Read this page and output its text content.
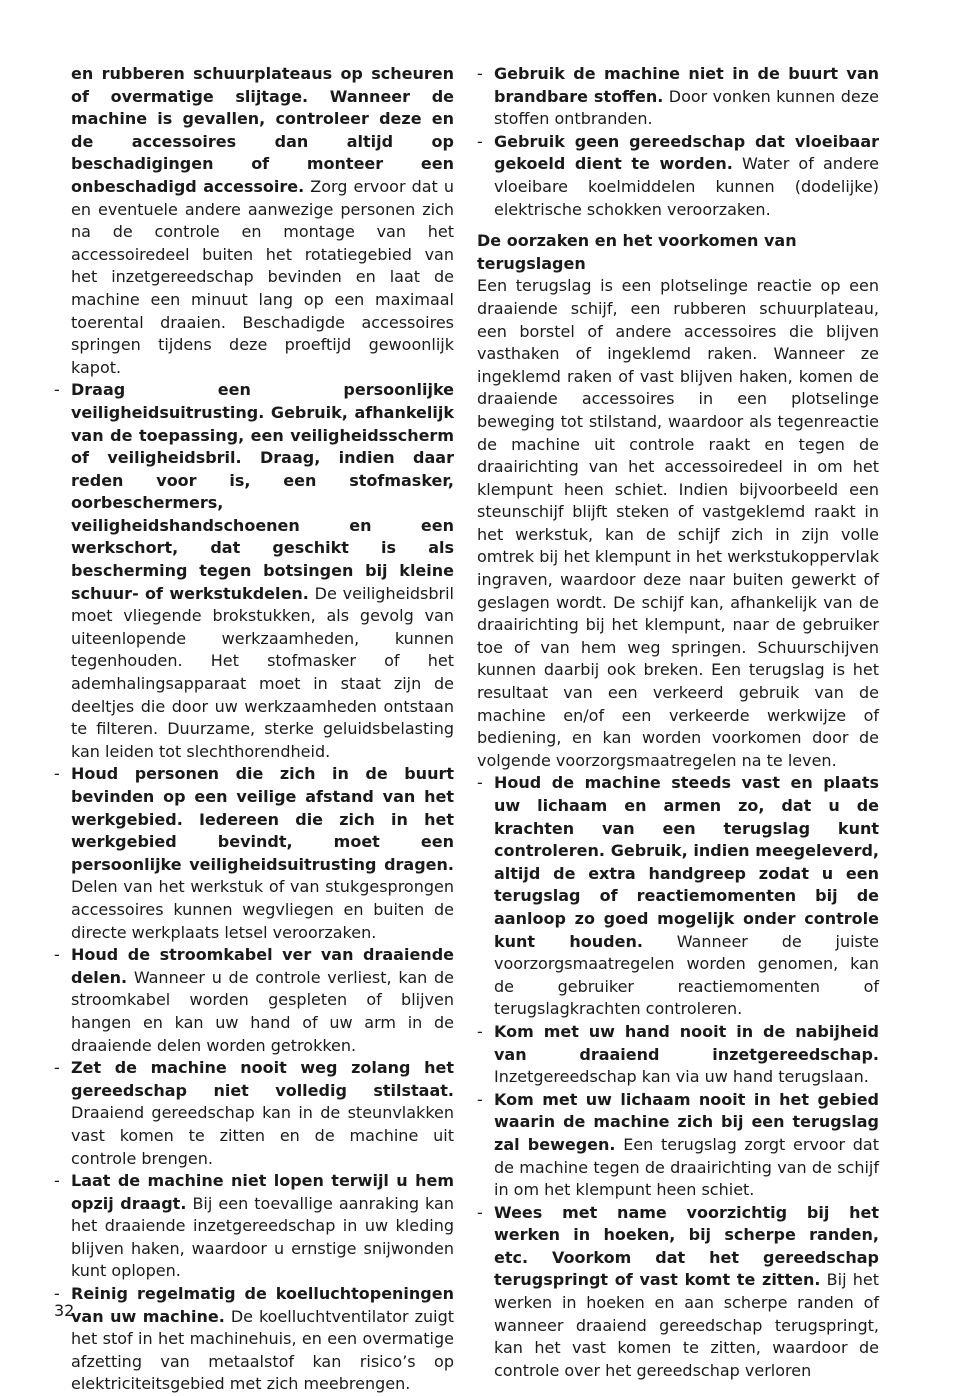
en rubberen schuurplateaus op scheuren of overmatige slijtage. Wanneer de machine is gevallen, controleer deze en de accessoires dan altijd op beschadigingen of monteer een onbeschadigd accessoire. Zorg ervoor dat u en eventuele andere aanwezige personen zich na de controle en montage van het accessoiredeel buiten het rotatiegebied van het inzetgereedschap bevinden en laat de machine een minuut lang op een maximaal toerental draaien. Beschadigde accessoires springen tijdens deze proeftijd gewoonlijk kapot.

- Draag een persoonlijke veiligheidsuitrusting. Gebruik, afhankelijk van de toepassing, een veiligheidsscherm of veiligheidsbril. Draag, indien daar reden voor is, een stofmasker, oorbeschermers, veiligheidshandschoenen en een werkschort, dat geschikt is als bescherming tegen botsingen bij kleine schuur- of werkstukdelen. De veiligheidsbril moet vliegende brokstukken, als gevolg van uiteenlopende werkzaamheden, kunnen tegenhouden. Het stofmasker of het ademhalingsapparaat moet in staat zijn de deeltjes die door uw werkzaamheden ontstaan te filteren. Duurzame, sterke geluidsbelasting kan leiden tot slechthorendheid.

- Houd personen die zich in de buurt bevinden op een veilige afstand van het werkgebied. Iedereen die zich in het werkgebied bevindt, moet een persoonlijke veiligheidsuitrusting dragen. Delen van het werkstuk of van stukgesprongen accessoires kunnen wegvliegen en buiten de directe werkplaats letsel veroorzaken.

- Houd de stroomkabel ver van draaiende delen. Wanneer u de controle verliest, kan de stroomkabel worden gespleten of blijven hangen en kan uw hand of uw arm in de draaiende delen worden getrokken.

- Zet de machine nooit weg zolang het gereedschap niet volledig stilstaat. Draaiend gereedschap kan in de steunvlakken vast komen te zitten en de machine uit controle brengen.

- Laat de machine niet lopen terwijl u hem opzij draagt. Bij een toevallige aanraking kan het draaiende inzetgereedschap in uw kleding blijven haken, waardoor u ernstige snijwonden kunt oplopen.

- Reinig regelmatig de koelluchtopeningen van uw machine. De koelluchtventilator zuigt het stof in het machinehuis, en een overmatige afzetting van metaalstof kan risico’s op elektriciteitsgebied met zich meebrengen.

- Gebruik de machine niet in de buurt van brandbare stoffen. Door vonken kunnen deze stoffen ontbranden.

- Gebruik geen gereedschap dat vloeibaar gekoeld dient te worden. Water of andere vloeibare koelmiddelen kunnen (dodelijke) elektrische schokken veroorzaken.

De oorzaken en het voorkomen van terugslagen

Een terugslag is een plotselinge reactie op een draaiende schijf, een rubberen schuurplateau, een borstel of andere accessoires die blijven vasthaken of ingeklemd raken. Wanneer ze ingeklemd raken of vast blijven haken, komen de draaiende accessoires in een plotselinge beweging tot stilstand, waardoor als tegenreactie de machine uit controle raakt en tegen de draairichting van het accessoiredeel in om het klempunt heen schiet. Indien bijvoorbeeld een steunschijf blijft steken of vastgeklemd raakt in het werkstuk, kan de schijf zich in zijn volle omtrek bij het klempunt in het werkstukoppervlak ingraven, waardoor deze naar buiten gewerkt of geslagen wordt. De schijf kan, afhankelijk van de draairichting bij het klempunt, naar de gebruiker toe of van hem weg springen. Schuurschijven kunnen daarbij ook breken. Een terugslag is het resultaat van een verkeerd gebruik van de machine en/of een verkeerde werkwijze of bediening, en kan worden voorkomen door de volgende voorzorgsmaatregelen na te leven.

- Houd de machine steeds vast en plaats uw lichaam en armen zo, dat u de krachten van een terugslag kunt controleren. Gebruik, indien meegeleverd, altijd de extra handgreep zodat u een terugslag of reactiemomenten bij de aanloop zo goed mogelijk onder controle kunt houden. Wanneer de juiste voorzorgsmaatregelen worden genomen, kan de gebruiker reactiemomenten of terugslagkrachten controleren.

- Kom met uw hand nooit in de nabijheid van draaiend inzetgereedschap. Inzetgereedschap kan via uw hand terugslaan.

- Kom met uw lichaam nooit in het gebied waarin de machine zich bij een terugslag zal bewegen. Een terugslag zorgt ervoor dat de machine tegen de draairichting van de schijf in om het klempunt heen schiet.

- Wees met name voorzichtig bij het werken in hoeken, bij scherpe randen, etc. Voorkom dat het gereedschap terugspringt of vast komt te zitten. Bij het werken in hoeken en aan scherpe randen of wanneer draaiend gereedschap terugspringt, kan het vast komen te zitten, waardoor de controle over het gereedschap verloren

32
